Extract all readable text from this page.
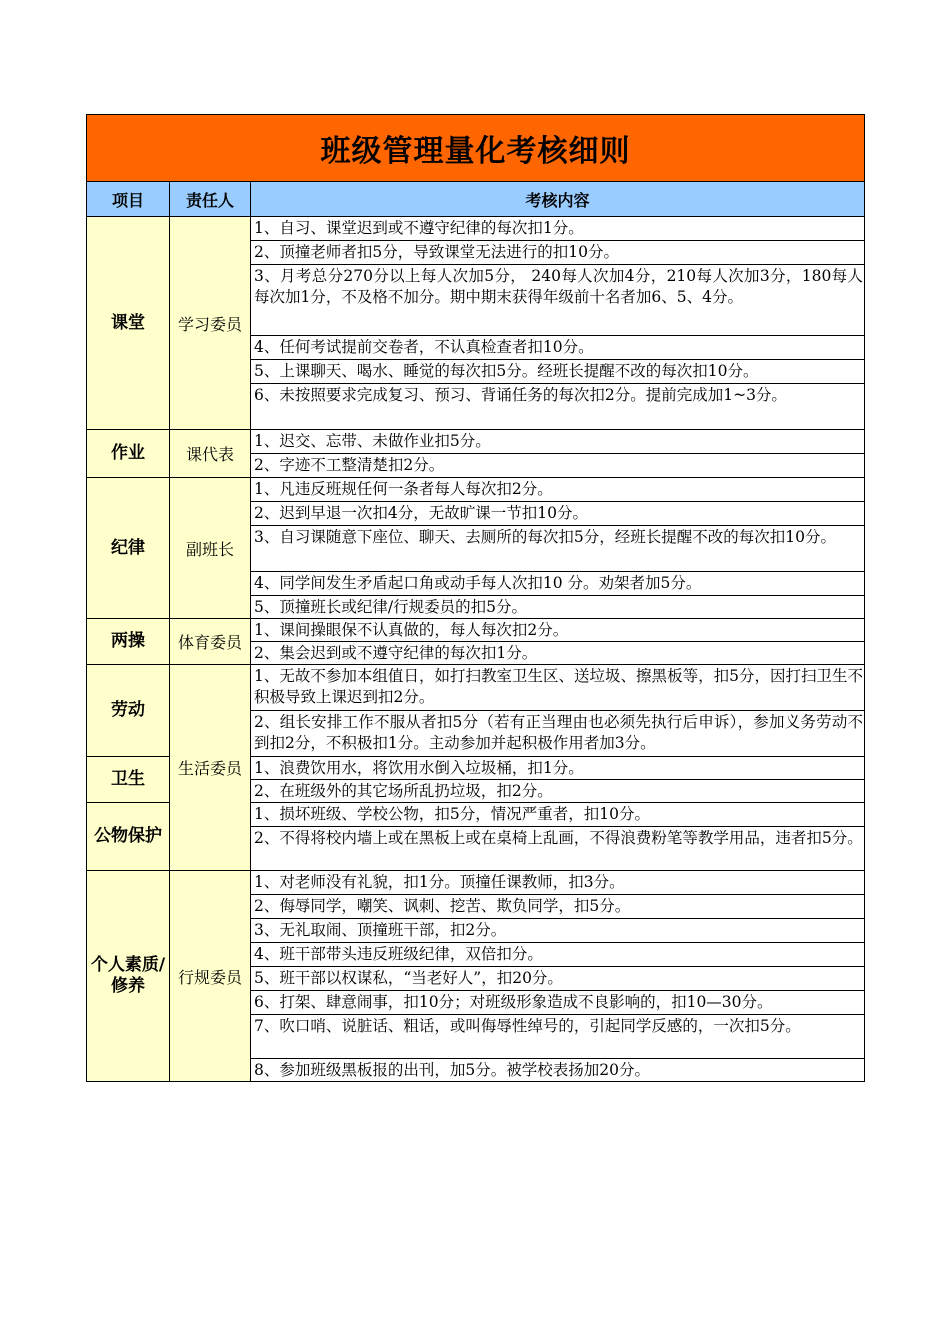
班级管理量化考核细则		
项目	责任人	考核内容
课堂	学习委员	1、自习、课堂迟到或不遵守纪律的每次扣1分。
		2、顶撞老师者扣5分，导致课堂无法进行的扣10分。
		3、月考总分270分以上每人次加5分， 240每人次加4分，210每人次加3分，180每人每次加1分，不及格不加分。期中期末获得年级前十名者加6、5、4分。
		4、任何考试提前交卷者，不认真检查者扣10分。
		5、上课聊天、喝水、睡觉的每次扣5分。经班长提醒不改的每次扣10分。
		6、未按照要求完成复习、预习、背诵任务的每次扣2分。提前完成加1~3分。
作业	课代表	1、迟交、忘带、未做作业扣5分。
		2、字迹不工整清楚扣2分。
纪律	副班长	1、凡违反班规任何一条者每人每次扣2分。
		2、迟到早退一次扣4分，无故旷课一节扣10分。
		3、自习课随意下座位、聊天、去厕所的每次扣5分，经班长提醒不改的每次扣10分。
		4、同学间发生矛盾起口角或动手每人次扣10 分。劝架者加5分。
		5、顶撞班长或纪律/行规委员的扣5分。
两操	体育委员	1、课间操眼保不认真做的，每人每次扣2分。
		2、集会迟到或不遵守纪律的每次扣1分。
劳动	生活委员	1、无故不参加本组值日，如打扫教室卫生区、送垃圾、擦黑板等，扣5分，因打扫卫生不积极导致上课迟到扣2分。
		2、组长安排工作不服从者扣5分（若有正当理由也必须先执行后申诉），参加义务劳动不到扣2分，不积极扣1分。主动参加并起积极作用者加3分。
卫生		1、浪费饮用水，将饮用水倒入垃圾桶，扣1分。
		2、在班级外的其它场所乱扔垃圾，扣2分。
公物保护		1、损坏班级、学校公物，扣5分，情况严重者，扣10分。
		2、不得将校内墙上或在黑板上或在桌椅上乱画，不得浪费粉笔等教学用品，违者扣5分。
个人素质/修养	行规委员	1、对老师没有礼貌，扣1分。顶撞任课教师，扣3分。
		2、侮辱同学，嘲笑、讽刺、挖苦、欺负同学，扣5分。
		3、无礼取闹、顶撞班干部，扣2分。
		4、班干部带头违反班级纪律，双倍扣分。
		5、班干部以权谋私，“当老好人”，扣20分。
		6、打架、肆意闹事，扣10分；对班级形象造成不良影响的，扣10—30分。
		7、吹口哨、说脏话、粗话，或叫侮辱性绰号的，引起同学反感的，一次扣5分。
		8、参加班级黑板报的出刊，加5分。被学校表扬加20分。
